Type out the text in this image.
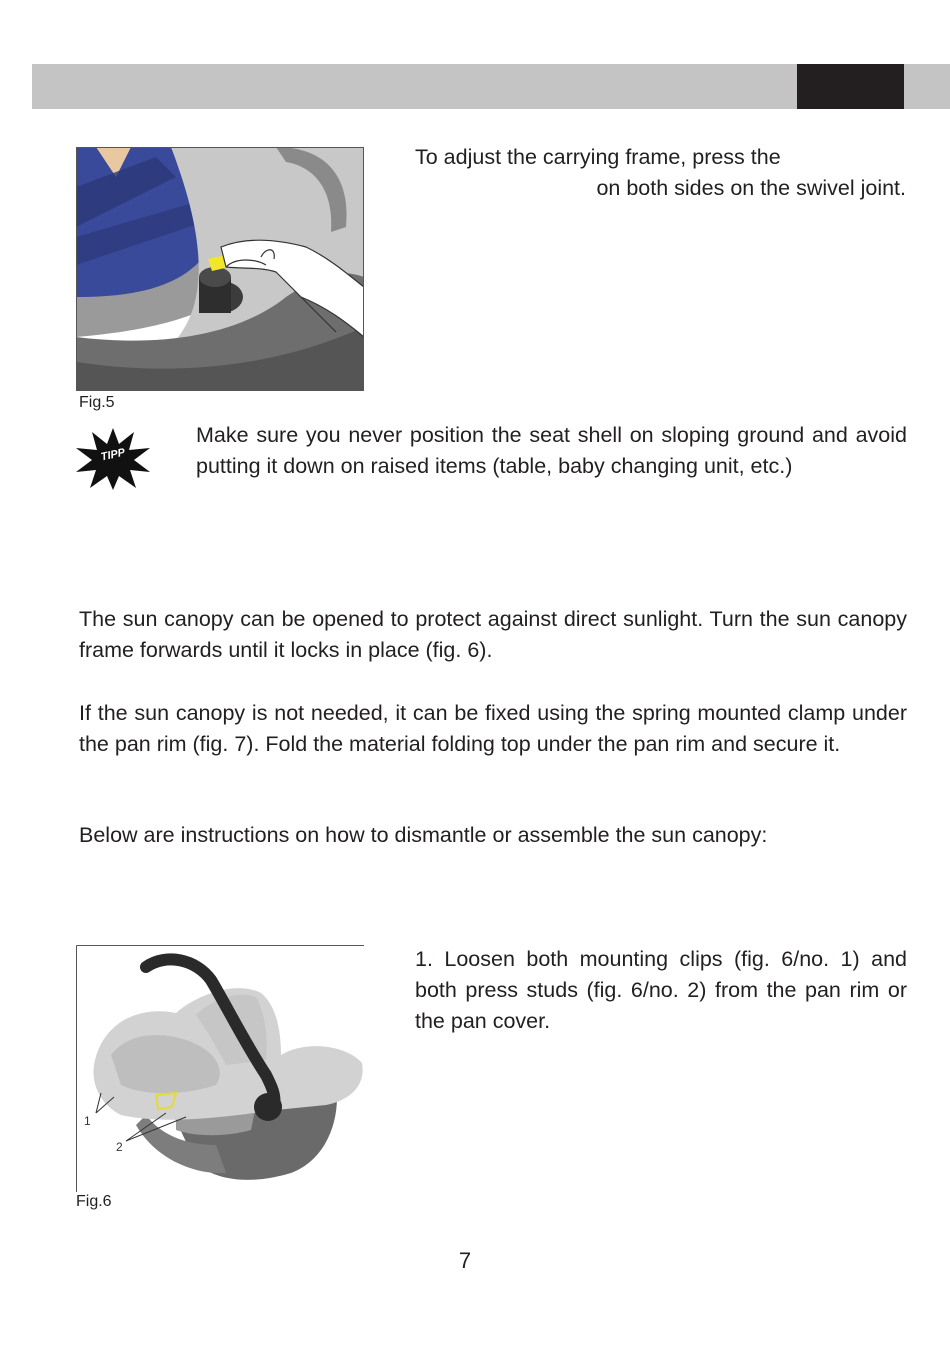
Fig.5
To adjust the carrying frame, press the
on both sides on the swivel joint.
TIPP
Make sure you never position the seat shell on sloping ground and avoid putting it down on raised items (table, baby changing unit, etc.)
The sun canopy can be opened to protect against direct sunlight. Turn the sun canopy frame forwards until it locks in place (fig. 6).
If the sun canopy is not needed, it can be fixed using the spring mounted clamp under the pan rim (fig. 7). Fold the material folding top under the pan rim and secure it.
Below are instructions on how to dismantle or assemble the sun canopy:
1
2
Fig.6
1. Loosen both mounting clips (fig. 6/no. 1) and both press studs (fig. 6/no. 2) from the pan rim or the pan cover.
7
